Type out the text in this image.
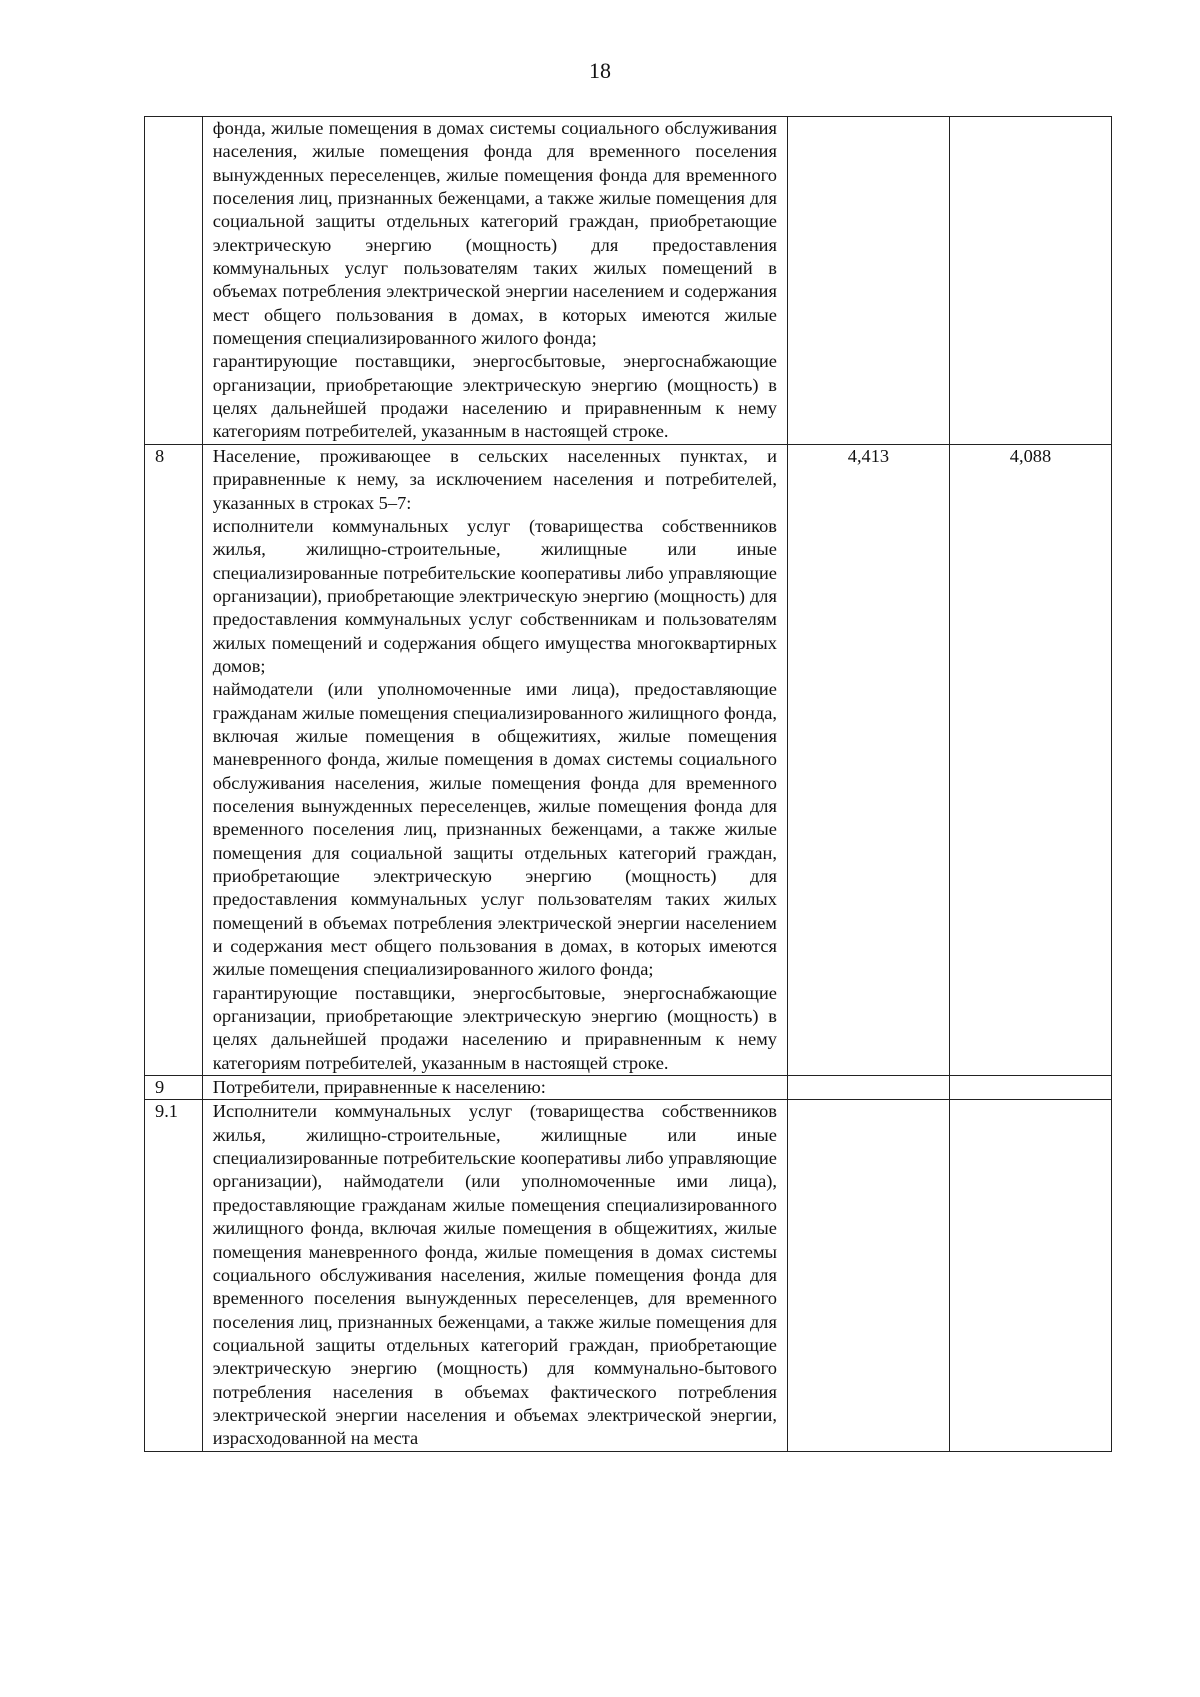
18

	фонда, жилые помещения в домах системы социального обслуживания населения, жилые помещения фонда для временного поселения вынужденных переселенцев, жилые помещения фонда для временного поселения лиц, признанных беженцами, а также жилые помещения для социальной защиты отдельных категорий граждан, приобретающие электрическую энергию (мощность) для предоставления коммунальных услуг пользователям таких жилых помещений в объемах потребления электрической энергии населением и содержания мест общего пользования в домах, в которых имеются жилые помещения специализированного жилого фонда;
гарантирующие поставщики, энергосбытовые, энергоснабжающие организации, приобретающие электрическую энергию (мощность) в целях дальнейшей продажи населению и приравненным к нему категориям потребителей, указанным в настоящей строке.		

8	Население, проживающее в сельских населенных пунктах, и приравненные к нему, за исключением населения и потребителей, указанных в строках 5–7:
исполнители коммунальных услуг (товарищества собственников жилья, жилищно-строительные, жилищные или иные специализированные потребительские кооперативы либо управляющие организации), приобретающие электрическую энергию (мощность) для предоставления коммунальных услуг собственникам и пользователям жилых помещений и содержания общего имущества многоквартирных домов;
наймодатели (или уполномоченные ими лица), предоставляющие гражданам жилые помещения специализированного жилищного фонда, включая жилые помещения в общежитиях, жилые помещения маневренного фонда, жилые помещения в домах системы социального обслуживания населения, жилые помещения фонда для временного поселения вынужденных переселенцев, жилые помещения фонда для временного поселения лиц, признанных беженцами, а также жилые помещения для социальной защиты отдельных категорий граждан, приобретающие электрическую энергию (мощность) для предоставления коммунальных услуг пользователям таких жилых помещений в объемах потребления электрической энергии населением и содержания мест общего пользования в домах, в которых имеются жилые помещения специализированного жилого фонда;
гарантирующие поставщики, энергосбытовые, энергоснабжающие организации, приобретающие электрическую энергию (мощность) в целях дальнейшей продажи населению и приравненным к нему категориям потребителей, указанным в настоящей строке.	4,413	4,088
9	Потребители, приравненные к населению:		

9.1	Исполнители коммунальных услуг (товарищества собственников жилья, жилищно-строительные, жилищные или иные специализированные потребительские кооперативы либо управляющие организации), наймодатели (или уполномоченные ими лица), предоставляющие гражданам жилые помещения специализированного жилищного фонда, включая жилые помещения в общежитиях, жилые помещения маневренного фонда, жилые помещения в домах системы социального обслуживания населения, жилые помещения фонда для временного поселения вынужденных переселенцев, для временного поселения лиц, признанных беженцами, а также жилые помещения для социальной защиты отдельных категорий граждан, приобретающие электрическую энергию (мощность) для коммунально-бытового потребления населения в объемах фактического потребления электрической энергии населения и объемах электрической энергии, израсходованной на места		
